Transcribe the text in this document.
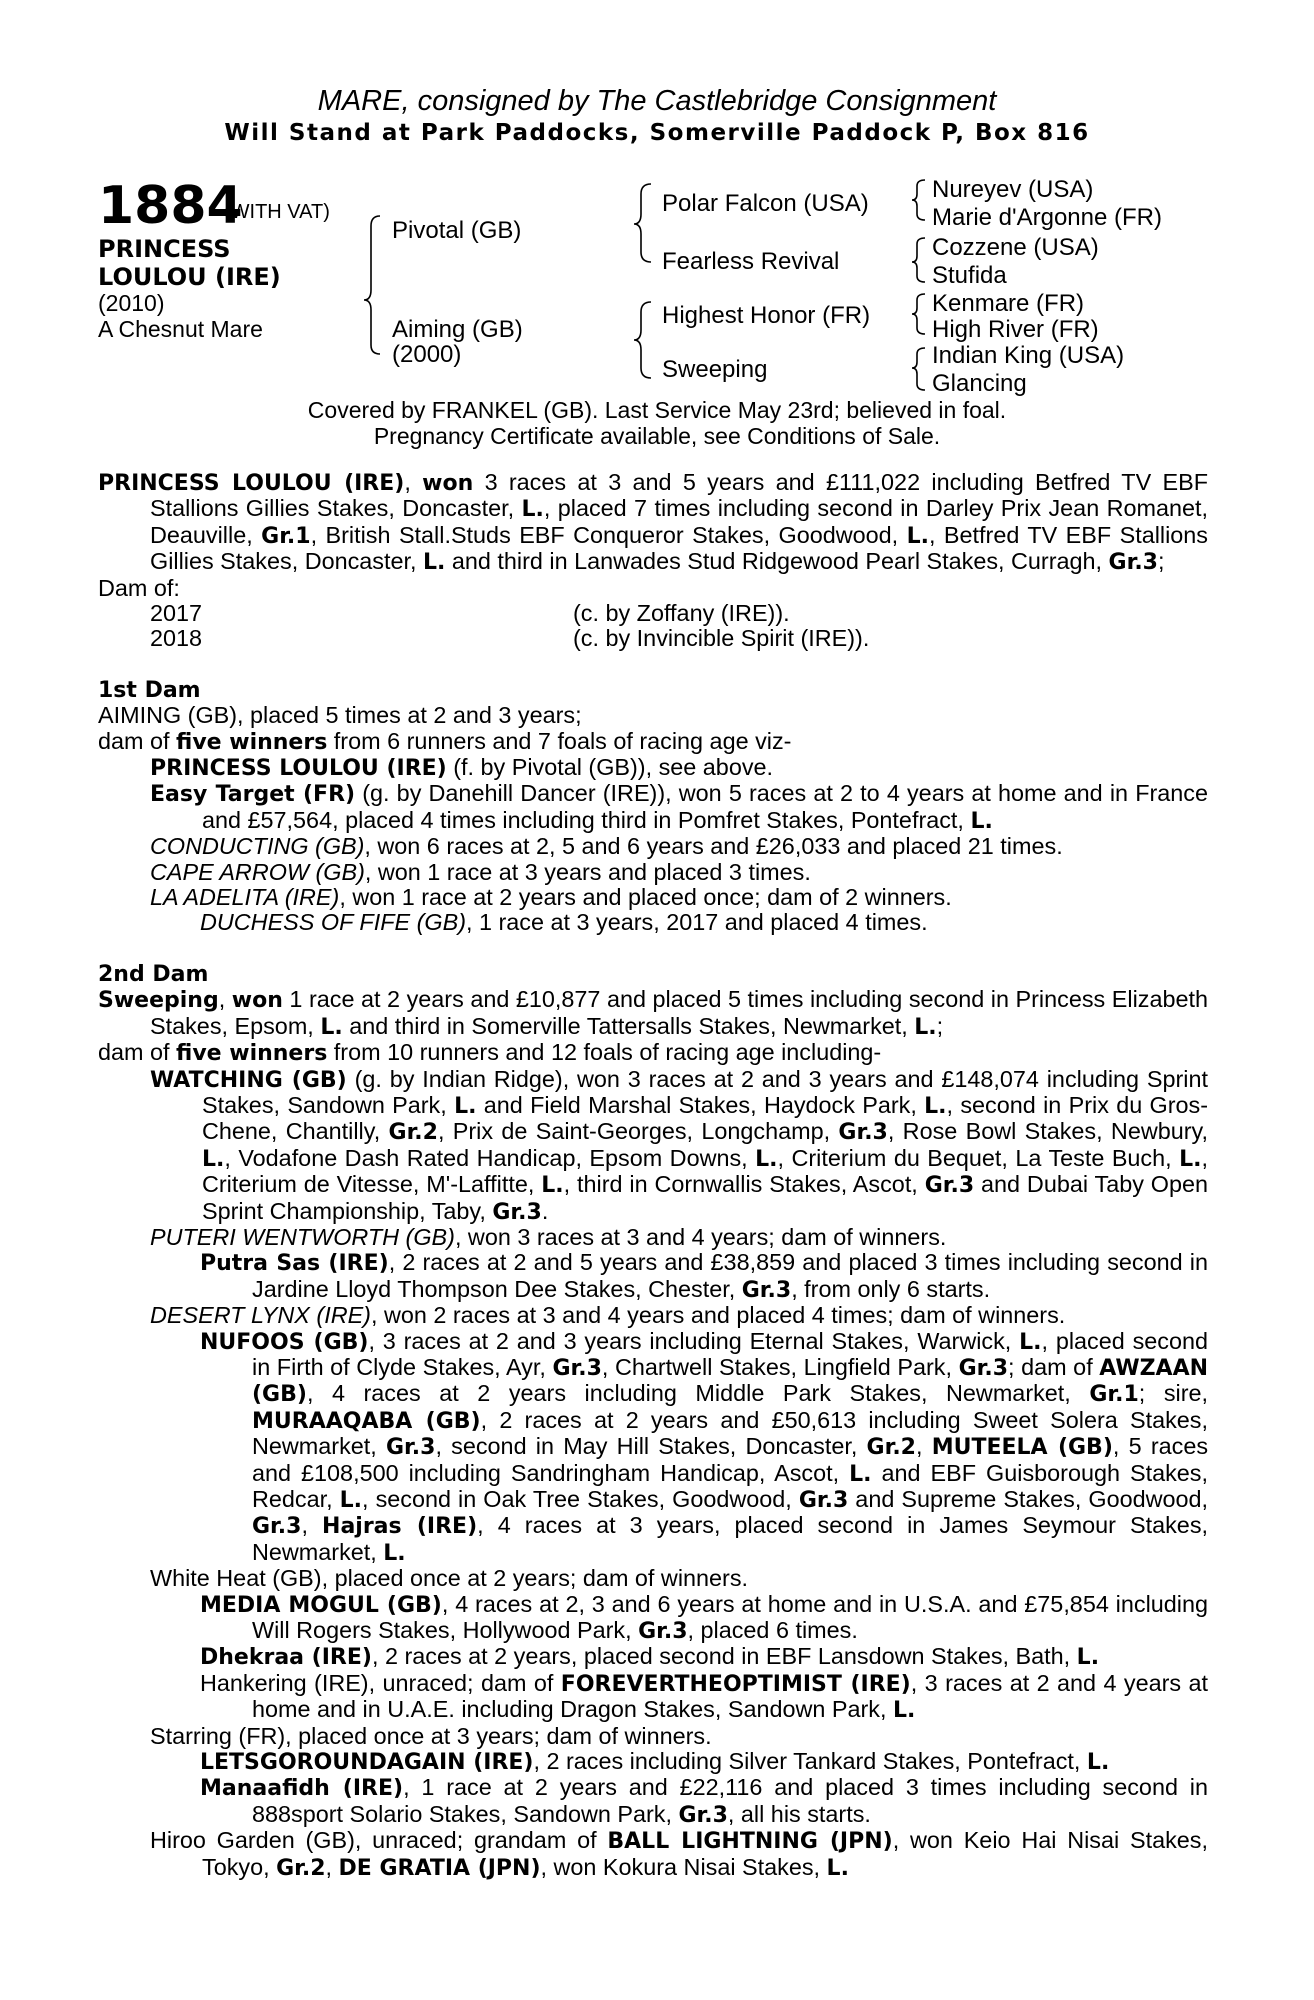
MARE, consigned by The Castlebridge Consignment
Will Stand at Park Paddocks, Somerville Paddock P, Box 816
1884
(WITH VAT)
PRINCESS
LOULOU (IRE)
(2010)
A Chesnut Mare
Pivotal (GB)
Aiming (GB)
(2000)
Polar Falcon (USA)
Fearless Revival
Highest Honor (FR)
Sweeping
Nureyev (USA)
Marie d'Argonne (FR)
Cozzene (USA)
Stufida
Kenmare (FR)
High River (FR)
Indian King (USA)
Glancing
Covered by FRANKEL (GB). Last Service May 23rd; believed in foal.
Pregnancy Certificate available, see Conditions of Sale.

PRINCESS LOULOU (IRE), won 3 races at 3 and 5 years and £111,022 including Betfred TV EBF Stallions Gillies Stakes, Doncaster, L., placed 7 times including second in Darley Prix Jean Romanet, Deauville, Gr.1, British Stall.Studs EBF Conqueror Stakes, Goodwood, L., Betfred TV EBF Stallions Gillies Stakes, Doncaster, L. and third in Lanwades Stud Ridgewood Pearl Stakes, Curragh, Gr.3;

Dam of:

2017	(c. by Zoffany (IRE)).
2018	(c. by Invincible Spirit (IRE)).

1st Dam

AIMING (GB), placed 5 times at 2 and 3 years;

dam of five winners from 6 runners and 7 foals of racing age viz-

PRINCESS LOULOU (IRE) (f. by Pivotal (GB)), see above.

Easy Target (FR) (g. by Danehill Dancer (IRE)), won 5 races at 2 to 4 years at home and in France and £57,564, placed 4 times including third in Pomfret Stakes, Pontefract, L.

CONDUCTING (GB), won 6 races at 2, 5 and 6 years and £26,033 and placed 21 times.

CAPE ARROW (GB), won 1 race at 3 years and placed 3 times.

LA ADELITA (IRE), won 1 race at 2 years and placed once; dam of 2 winners.

DUCHESS OF FIFE (GB), 1 race at 3 years, 2017 and placed 4 times.

2nd Dam

Sweeping, won 1 race at 2 years and £10,877 and placed 5 times including second in Princess Elizabeth Stakes, Epsom, L. and third in Somerville Tattersalls Stakes, Newmarket, L.;

dam of five winners from 10 runners and 12 foals of racing age including-

WATCHING (GB) (g. by Indian Ridge), won 3 races at 2 and 3 years and £148,074 including Sprint Stakes, Sandown Park, L. and Field Marshal Stakes, Haydock Park, L., second in Prix du Gros-Chene, Chantilly, Gr.2, Prix de Saint-Georges, Longchamp, Gr.3, Rose Bowl Stakes, Newbury, L., Vodafone Dash Rated Handicap, Epsom Downs, L., Criterium du Bequet, La Teste Buch, L., Criterium de Vitesse, M'-Laffitte, L., third in Cornwallis Stakes, Ascot, Gr.3 and Dubai Taby Open Sprint Championship, Taby, Gr.3.

PUTERI WENTWORTH (GB), won 3 races at 3 and 4 years; dam of winners.

Putra Sas (IRE), 2 races at 2 and 5 years and £38,859 and placed 3 times including second in Jardine Lloyd Thompson Dee Stakes, Chester, Gr.3, from only 6 starts.

DESERT LYNX (IRE), won 2 races at 3 and 4 years and placed 4 times; dam of winners.

NUFOOS (GB), 3 races at 2 and 3 years including Eternal Stakes, Warwick, L., placed second in Firth of Clyde Stakes, Ayr, Gr.3, Chartwell Stakes, Lingfield Park, Gr.3; dam of AWZAAN (GB), 4 races at 2 years including Middle Park Stakes, Newmarket, Gr.1; sire, MURAAQABA (GB), 2 races at 2 years and £50,613 including Sweet Solera Stakes, Newmarket, Gr.3, second in May Hill Stakes, Doncaster, Gr.2, MUTEELA (GB), 5 races and £108,500 including Sandringham Handicap, Ascot, L. and EBF Guisborough Stakes, Redcar, L., second in Oak Tree Stakes, Goodwood, Gr.3 and Supreme Stakes, Goodwood, Gr.3, Hajras (IRE), 4 races at 3 years, placed second in James Seymour Stakes, Newmarket, L.

White Heat (GB), placed once at 2 years; dam of winners.

MEDIA MOGUL (GB), 4 races at 2, 3 and 6 years at home and in U.S.A. and £75,854 including Will Rogers Stakes, Hollywood Park, Gr.3, placed 6 times.

Dhekraa (IRE), 2 races at 2 years, placed second in EBF Lansdown Stakes, Bath, L.

Hankering (IRE), unraced; dam of FOREVERTHEOPTIMIST (IRE), 3 races at 2 and 4 years at home and in U.A.E. including Dragon Stakes, Sandown Park, L.

Starring (FR), placed once at 3 years; dam of winners.

LETSGOROUNDAGAIN (IRE), 2 races including Silver Tankard Stakes, Pontefract, L.

Manaafidh (IRE), 1 race at 2 years and £22,116 and placed 3 times including second in 888sport Solario Stakes, Sandown Park, Gr.3, all his starts.

Hiroo Garden (GB), unraced; grandam of BALL LIGHTNING (JPN), won Keio Hai Nisai Stakes, Tokyo, Gr.2, DE GRATIA (JPN), won Kokura Nisai Stakes, L.
